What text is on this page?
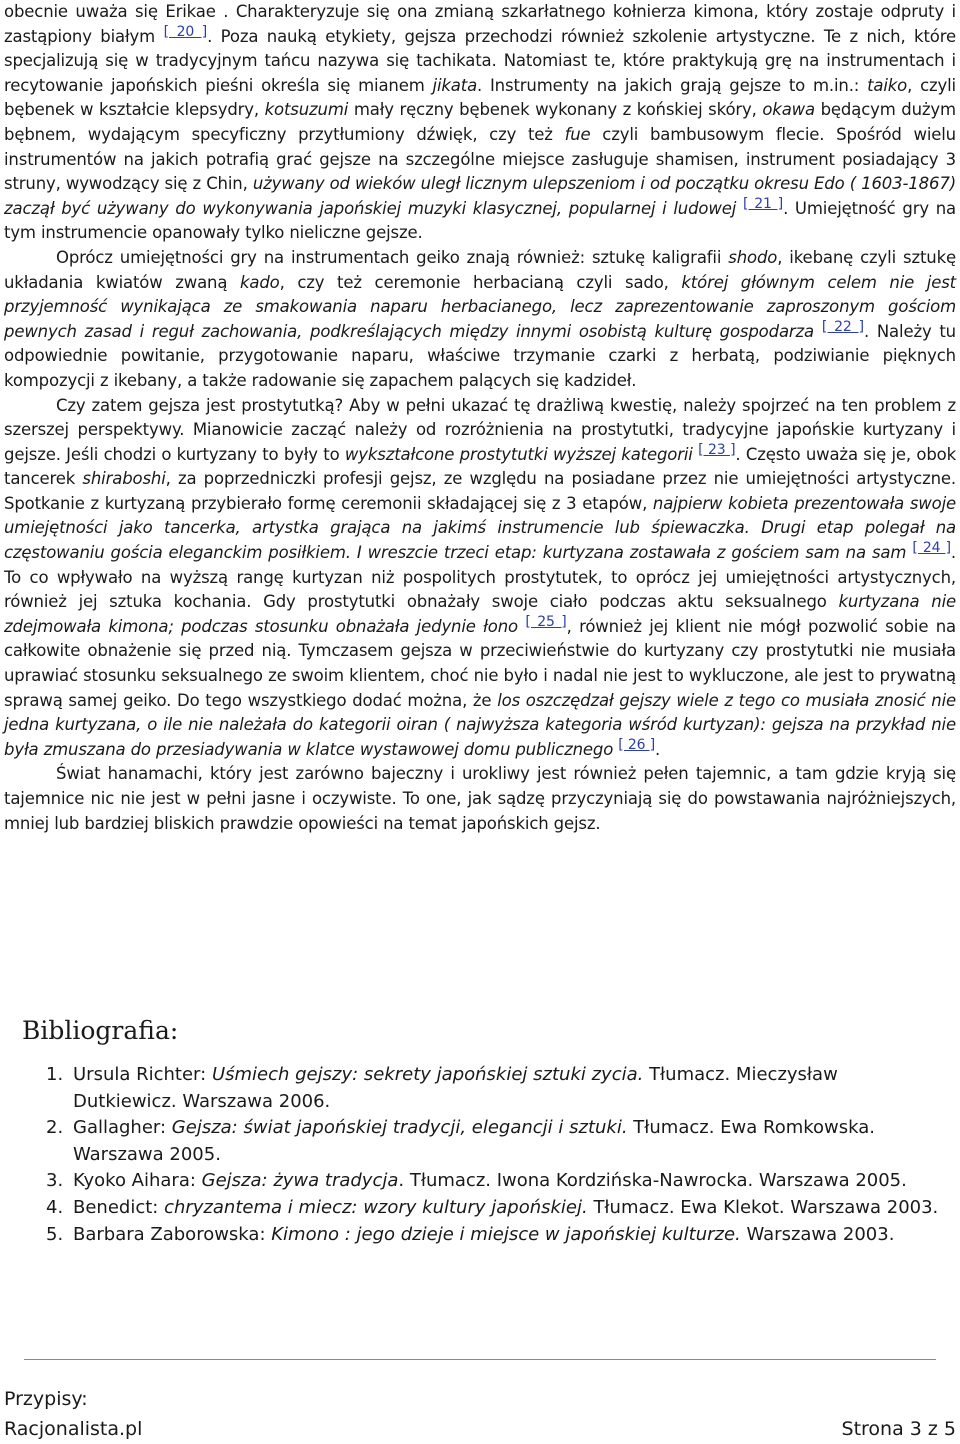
obecnie uważa się Erikae . Charakteryzuje się ona zmianą szkarłatnego kołnierza kimona, który zostaje odpruty i zastąpiony białym [ 20 ]. Poza nauką etykiety, gejsza przechodzi również szkolenie artystyczne. Te z nich, które specjalizują się w tradycyjnym tańcu nazywa się tachikata. Natomiast te, które praktykują grę na instrumentach i recytowanie japońskich pieśni określa się mianem jikata. Instrumenty na jakich grają gejsze to m.in.: taiko, czyli bębenek w kształcie klepsydry, kotsuzumi mały ręczny bębenek wykonany z końskiej skóry, okawa będącym dużym bębnem, wydającym specyficzny przytłumiony dźwięk, czy też fue czyli bambusowym flecie. Spośród wielu instrumentów na jakich potrafią grać gejsze na szczególne miejsce zasługuje shamisen, instrument posiadający 3 struny, wywodzący się z Chin, używany od wieków uległ licznym ulepszeniom i od początku okresu Edo ( 1603-1867) zaczął być używany do wykonywania japońskiej muzyki klasycznej, popularnej i ludowej [ 21 ]. Umiejętność gry na tym instrumencie opanowały tylko nieliczne gejsze.

Oprócz umiejętności gry na instrumentach geiko znają również: sztukę kaligrafii shodo, ikebanę czyli sztukę układania kwiatów zwaną kado, czy też ceremonie herbacianą czyli sado, której głównym celem nie jest przyjemność wynikająca ze smakowania naparu herbacianego, lecz zaprezentowanie zaproszonym gościom pewnych zasad i reguł zachowania, podkreślających między innymi osobistą kulturę gospodarza [ 22 ]. Należy tu odpowiednie powitanie, przygotowanie naparu, właściwe trzymanie czarki z herbatą, podziwianie pięknych kompozycji z ikebany, a także radowanie się zapachem palących się kadzideł.

Czy zatem gejsza jest prostytutką? Aby w pełni ukazać tę drażliwą kwestię, należy spojrzeć na ten problem z szerszej perspektywy. Mianowicie zacząć należy od rozróżnienia na prostytutki, tradycyjne japońskie kurtyzany i gejsze. Jeśli chodzi o kurtyzany to były to wykształcone prostytutki wyższej kategorii [ 23 ]. Często uważa się je, obok tancerek shiraboshi, za poprzedniczki profesji gejsz, ze względu na posiadane przez nie umiejętności artystyczne. Spotkanie z kurtyzaną przybierało formę ceremonii składającej się z 3 etapów, najpierw kobieta prezentowała swoje umiejętności jako tancerka, artystka grająca na jakimś instrumencie lub śpiewaczka. Drugi etap polegał na częstowaniu gościa eleganckim posiłkiem. I wreszcie trzeci etap: kurtyzana zostawała z gościem sam na sam [ 24 ]. To co wpływało na wyższą rangę kurtyzan niż pospolitych prostytutek, to oprócz jej umiejętności artystycznych, również jej sztuka kochania. Gdy prostytutki obnażały swoje ciało podczas aktu seksualnego kurtyzana nie zdejmowała kimona; podczas stosunku obnażała jedynie łono [ 25 ], również jej klient nie mógł pozwolić sobie na całkowite obnażenie się przed nią. Tymczasem gejsza w przeciwieństwie do kurtyzany czy prostytutki nie musiała uprawiać stosunku seksualnego ze swoim klientem, choć nie było i nadal nie jest to wykluczone, ale jest to prywatną sprawą samej geiko. Do tego wszystkiego dodać można, że los oszczędzał gejszy wiele z tego co musiała znosić nie jedna kurtyzana, o ile nie należała do kategorii oiran ( najwyższa kategoria wśród kurtyzan): gejsza na przykład nie była zmuszana do przesiadywania w klatce wystawowej domu publicznego [ 26 ].

Świat hanamachi, który jest zarówno bajeczny i urokliwy jest również pełen tajemnic, a tam gdzie kryją się tajemnice nic nie jest w pełni jasne i oczywiste. To one, jak sądzę przyczyniają się do powstawania najróżniejszych, mniej lub bardziej bliskich prawdzie opowieści na temat japońskich gejsz.

Bibliografia:
1. Ursula Richter: Uśmiech gejszy: sekrety japońskiej sztuki zycia. Tłumacz. Mieczysław Dutkiewicz. Warszawa 2006.
2. Gallagher: Gejsza: świat japońskiej tradycji, elegancji i sztuki. Tłumacz. Ewa Romkowska. Warszawa 2005.
3. Kyoko Aihara: Gejsza: żywa tradycja. Tłumacz. Iwona Kordzińska-Nawrocka. Warszawa 2005.
4. Benedict: chryzantema i miecz: wzory kultury japońskiej. Tłumacz. Ewa Klekot. Warszawa 2003.
5. Barbara Zaborowska: Kimono : jego dzieje i miejsce w japońskiej kulturze. Warszawa 2003.
Przypisy:
Racjonalista.pl	Strona 3 z 5
